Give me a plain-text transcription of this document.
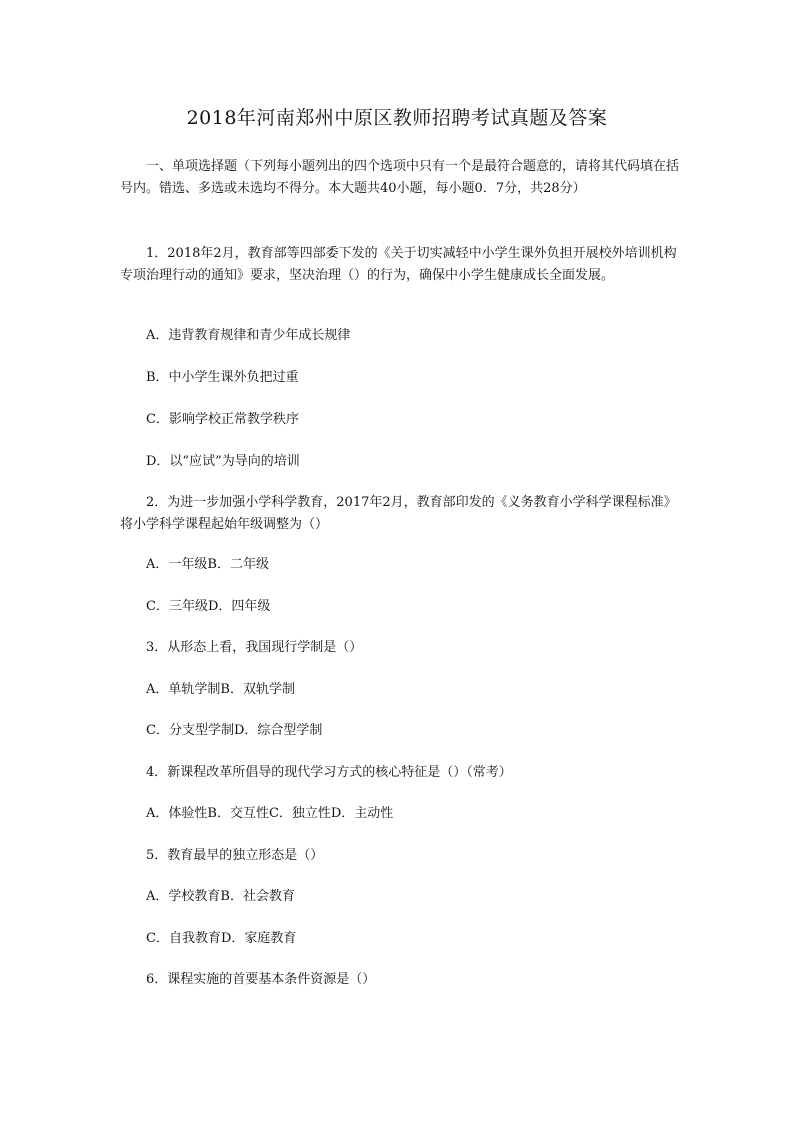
2018年河南郑州中原区教师招聘考试真题及答案

一、单项选择题（下列每小题列出的四个选项中只有一个是最符合题意的，请将其代码填在括号内。错选、多选或未选均不得分。本大题共40小题，每小题0．7分，共28分）

1．2018年2月，教育部等四部委下发的《关于切实减轻中小学生课外负担开展校外培训机构专项治理行动的通知》要求，坚决治理（）的行为，确保中小学生健康成长全面发展。

A．违背教育规律和青少年成长规律
B．中小学生课外负把过重
C．影响学校正常教学秩序
D．以“应试”为导向的培训

2．为进一步加强小学科学教育，2017年2月，教育部印发的《义务教育小学科学课程标准》将小学科学课程起始年级调整为（）

A．一年级B．二年级
C．三年级D．四年级
3．从形态上看，我国现行学制是（）
A．单轨学制B．双轨学制
C．分支型学制D．综合型学制
4．新课程改革所倡导的现代学习方式的核心特征是（）（常考）
A．体验性B．交互性C．独立性D．主动性
5．教育最早的独立形态是（）
A．学校教育B．社会教育
C．自我教育D．家庭教育
6．课程实施的首要基本条件资源是（）
